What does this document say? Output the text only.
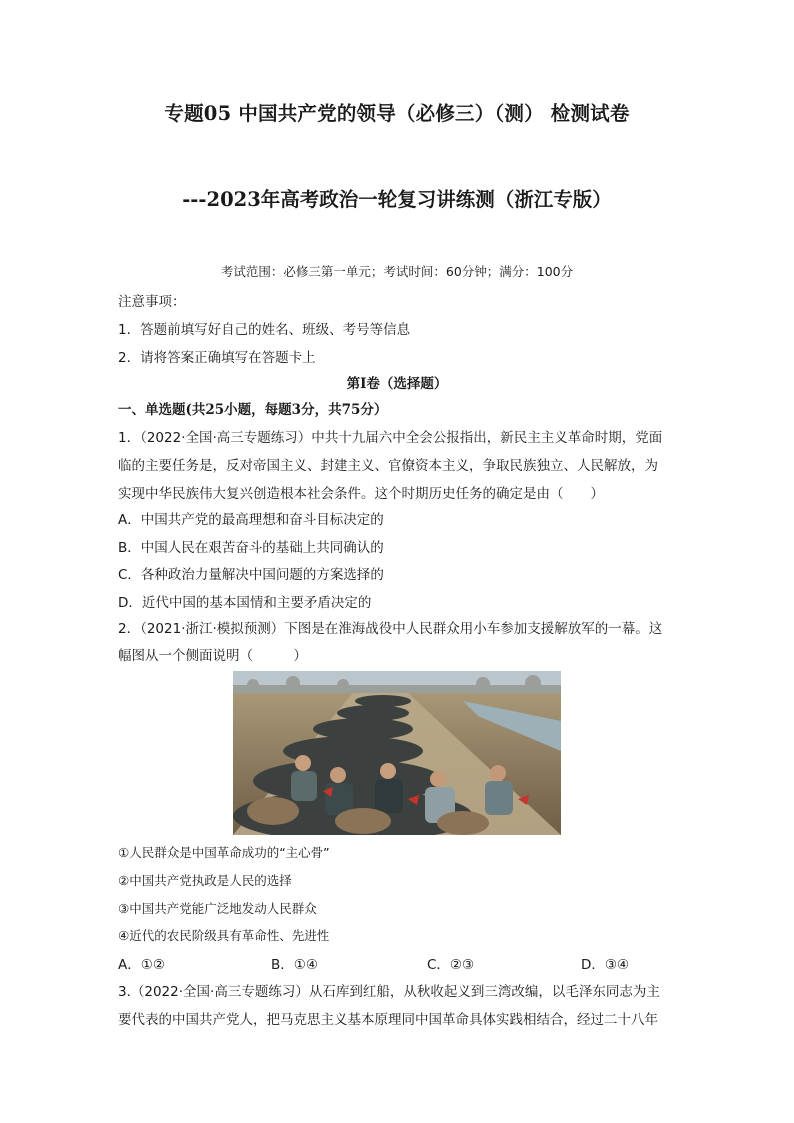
专题05 中国共产党的领导（必修三）（测） 检测试卷
---2023年高考政治一轮复习讲练测（浙江专版）
考试范围：必修三第一单元；考试时间：60分钟；满分：100分
注意事项：
1．答题前填写好自己的姓名、班级、考号等信息
2．请将答案正确填写在答题卡上
第I卷（选择题）
一、单选题(共25小题，每题3分，共75分）
1．（2022·全国·高三专题练习）中共十九届六中全会公报指出，新民主主义革命时期，党面
临的主要任务是，反对帝国主义、封建主义、官僚资本主义，争取民族独立、人民解放，为
实现中华民族伟大复兴创造根本社会条件。这个时期历史任务的确定是由（　　）
A．中国共产党的最高理想和奋斗目标决定的
B．中国人民在艰苦奋斗的基础上共同确认的
C．各种政治力量解决中国问题的方案选择的
D．近代中国的基本国情和主要矛盾决定的
2．（2021·浙江·模拟预测）下图是在淮海战役中人民群众用小车参加支援解放军的一幕。这
幅图从一个侧面说明（　　　）
①人民群众是中国革命成功的“主心骨”
②中国共产党执政是人民的选择
③中国共产党能广泛地发动人民群众
④近代的农民阶级具有革命性、先进性
A．①②	B．①④	C．②③	D．③④
3.（2022·全国·高三专题练习）从石库到红船，从秋收起义到三湾改编，以毛泽东同志为主
要代表的中国共产党人，把马克思主义基本原理同中国革命具体实践相结合，经过二十八年
